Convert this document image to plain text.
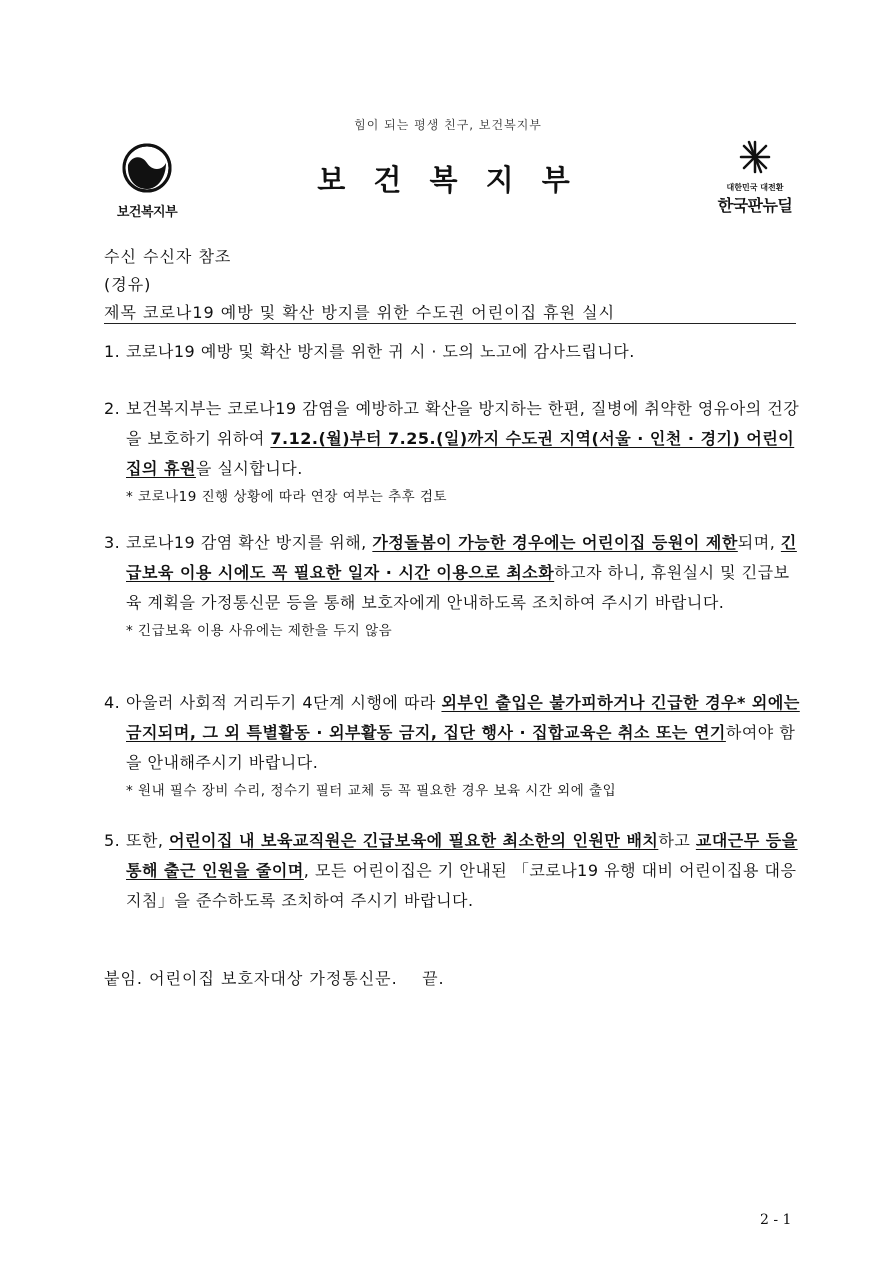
힘이 되는 평생 친구, 보건복지부
보건복지부
보 건 복 지 부	대한민국 대전환
한국판뉴딜
수신 수신자 참조
(경유)
제목 코로나19 예방 및 확산 방지를 위한 수도권 어린이집 휴원 실시
1. 코로나19 예방 및 확산 방지를 위한 귀 시 · 도의 노고에 감사드립니다.
2. 보건복지부는 코로나19 감염을 예방하고 확산을 방지하는 한편, 질병에 취약한 영유아의 건강을 보호하기 위하여 7.12.(월)부터 7.25.(일)까지 수도권 지역(서울 · 인천 · 경기) 어린이집의 휴원을 실시합니다.
* 코로나19 진행 상황에 따라 연장 여부는 추후 검토
3. 코로나19 감염 확산 방지를 위해, 가정돌봄이 가능한 경우에는 어린이집 등원이 제한되며, 긴급보육 이용 시에도 꼭 필요한 일자 · 시간 이용으로 최소화하고자 하니, 휴원실시 및 긴급보육 계획을 가정통신문 등을 통해 보호자에게 안내하도록 조치하여 주시기 바랍니다.
* 긴급보육 이용 사유에는 제한을 두지 않음
4. 아울러 사회적 거리두기 4단계 시행에 따라 외부인 출입은 불가피하거나 긴급한 경우* 외에는 금지되며, 그 외 특별활동 · 외부활동 금지, 집단 행사 · 집합교육은 취소 또는 연기하여야 함을 안내해주시기 바랍니다.
* 원내 필수 장비 수리, 정수기 필터 교체 등 꼭 필요한 경우 보육 시간 외에 출입
5. 또한, 어린이집 내 보육교직원은 긴급보육에 필요한 최소한의 인원만 배치하고 교대근무 등을 통해 출근 인원을 줄이며, 모든 어린이집은 기 안내된 「코로나19 유행 대비 어린이집용 대응지침」을 준수하도록 조치하여 주시기 바랍니다.
붙임. 어린이집 보호자대상 가정통신문.    끝.
2 - 1
